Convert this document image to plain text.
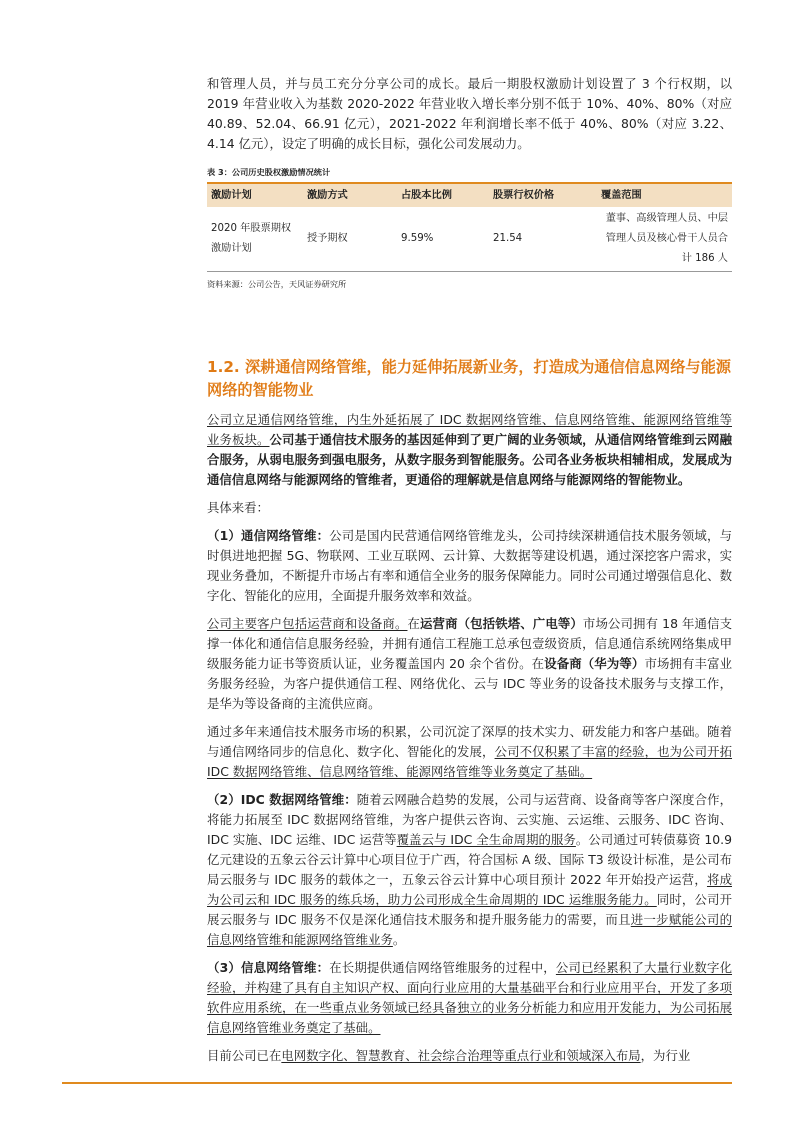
和管理人员，并与员工充分分享公司的成长。最后一期股权激励计划设置了 3 个行权期，以 2019 年营业收入为基数 2020-2022 年营业收入增长率分别不低于 10%、40%、80%（对应 40.89、52.04、66.91 亿元），2021-2022 年利润增长率不低于 40%、80%（对应 3.22、4.14 亿元），设定了明确的成长目标，强化公司发展动力。

表 3：公司历史股权激励情况统计
激励计划	激励方式	占股本比例	股票行权价格	覆盖范围
2020 年股票期权激励计划	授予期权	9.59%	21.54	董事、高级管理人员、中层管理人员及核心骨干人员合计 186 人
资料来源：公司公告，天风证券研究所
1.2. 深耕通信网络管维，能力延伸拓展新业务，打造成为通信信息网络与能源网络的智能物业

公司立足通信网络管维，内生外延拓展了 IDC 数据网络管维、信息网络管维、能源网络管维等业务板块。公司基于通信技术服务的基因延伸到了更广阔的业务领域，从通信网络管维到云网融合服务，从弱电服务到强电服务，从数字服务到智能服务。公司各业务板块相辅相成，发展成为通信信息网络与能源网络的管维者，更通俗的理解就是信息网络与能源网络的智能物业。

具体来看：

（1）通信网络管维：公司是国内民营通信网络管维龙头，公司持续深耕通信技术服务领域，与时俱进地把握 5G、物联网、工业互联网、云计算、大数据等建设机遇，通过深挖客户需求，实现业务叠加，不断提升市场占有率和通信全业务的服务保障能力。同时公司通过增强信息化、数字化、智能化的应用，全面提升服务效率和效益。

公司主要客户包括运营商和设备商。在运营商（包括铁塔、广电等）市场公司拥有 18 年通信支撑一体化和通信信息服务经验，并拥有通信工程施工总承包壹级资质，信息通信系统网络集成甲级服务能力证书等资质认证，业务覆盖国内 20 余个省份。在设备商（华为等）市场拥有丰富业务服务经验，为客户提供通信工程、网络优化、云与 IDC 等业务的设备技术服务与支撑工作，是华为等设备商的主流供应商。

通过多年来通信技术服务市场的积累，公司沉淀了深厚的技术实力、研发能力和客户基础。随着与通信网络同步的信息化、数字化、智能化的发展，公司不仅积累了丰富的经验，也为公司开拓 IDC 数据网络管维、信息网络管维、能源网络管维等业务奠定了基础。

（2）IDC 数据网络管维：随着云网融合趋势的发展，公司与运营商、设备商等客户深度合作，将能力拓展至 IDC 数据网络管维，为客户提供云咨询、云实施、云运维、云服务、IDC 咨询、IDC 实施、IDC 运维、IDC 运营等覆盖云与 IDC 全生命周期的服务。公司通过可转债募资 10.9 亿元建设的五象云谷云计算中心项目位于广西，符合国标 A 级、国际 T3 级设计标准，是公司布局云服务与 IDC 服务的载体之一，五象云谷云计算中心项目预计 2022 年开始投产运营，将成为公司云和 IDC 服务的练兵场，助力公司形成全生命周期的 IDC 运维服务能力。同时，公司开展云服务与 IDC 服务不仅是深化通信技术服务和提升服务能力的需要，而且进一步赋能公司的信息网络管维和能源网络管维业务。

（3）信息网络管维：在长期提供通信网络管维服务的过程中，公司已经累积了大量行业数字化经验，并构建了具有自主知识产权、面向行业应用的大量基础平台和行业应用平台，开发了多项软件应用系统，在一些重点业务领域已经具备独立的业务分析能力和应用开发能力，为公司拓展信息网络管维业务奠定了基础。

目前公司已在电网数字化、智慧教育、社会综合治理等重点行业和领域深入布局，为行业
